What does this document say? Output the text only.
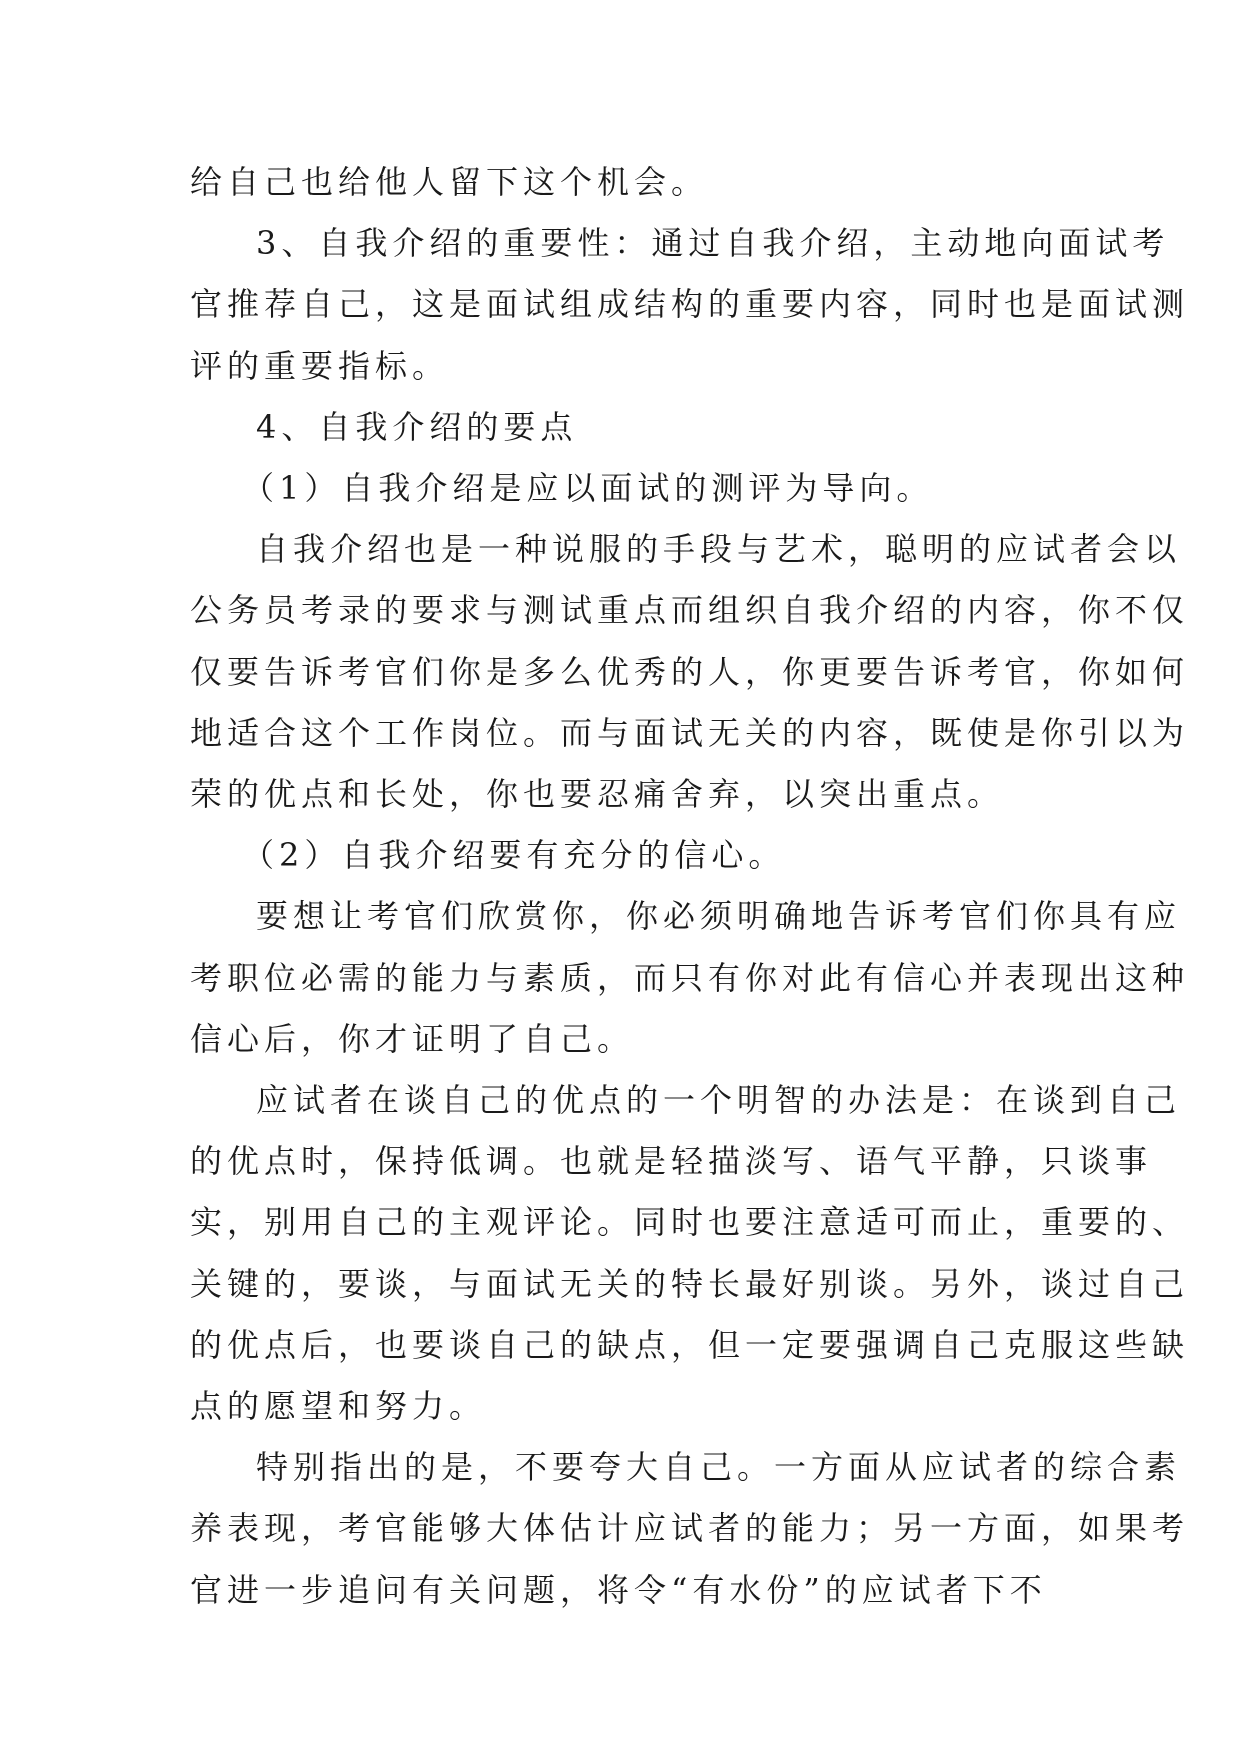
给自己也给他人留下这个机会。

3、自我介绍的重要性：通过自我介绍，主动地向面试考官推荐自己，这是面试组成结构的重要内容，同时也是面试测评的重要指标。

4、自我介绍的要点

（1）自我介绍是应以面试的测评为导向。

自我介绍也是一种说服的手段与艺术，聪明的应试者会以公务员考录的要求与测试重点而组织自我介绍的内容，你不仅仅要告诉考官们你是多么优秀的人，你更要告诉考官，你如何地适合这个工作岗位。而与面试无关的内容，既使是你引以为荣的优点和长处，你也要忍痛舍弃，以突出重点。

（2）自我介绍要有充分的信心。

要想让考官们欣赏你，你必须明确地告诉考官们你具有应考职位必需的能力与素质，而只有你对此有信心并表现出这种信心后，你才证明了自己。

应试者在谈自己的优点的一个明智的办法是：在谈到自己的优点时，保持低调。也就是轻描淡写、语气平静，只谈事实，别用自己的主观评论。同时也要注意适可而止，重要的、关键的，要谈，与面试无关的特长最好别谈。另外，谈过自己的优点后，也要谈自己的缺点，但一定要强调自己克服这些缺点的愿望和努力。

特别指出的是，不要夸大自己。一方面从应试者的综合素养表现，考官能够大体估计应试者的能力；另一方面，如果考官进一步追问有关问题，将令“有水份”的应试者下不
